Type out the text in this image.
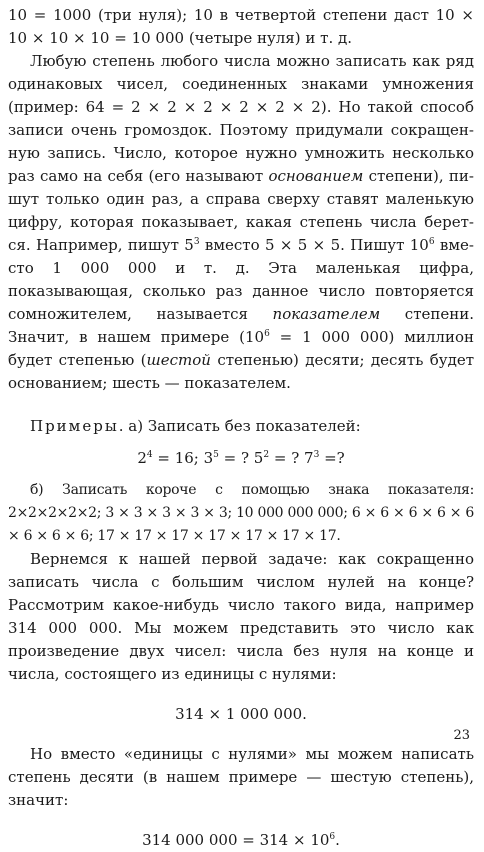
10 = 1000 (три нуля); 10 в четвертой степени даст 10 × 10 × 10 × 10 = 10 000 (четыре нуля) и т. д.

Любую степень любого числа можно записать как ряд одинаковых чисел, соединенных знаками умножения (пример: 64 = 2 × 2 × 2 × 2 × 2 × 2). Но такой способ записи очень громоздок. Поэтому придумали сокращенную запись. Число, которое нужно умножить несколько раз само на себя (его называют основанием степени), пишут только один раз, а справа сверху ставят маленькую цифру, которая показывает, какая степень числа берется. Например, пишут $5^3$ вместо 5 × 5 × 5. Пишут $10^6$ вместо 1 000 000 и т. д. Эта маленькая цифра, показывающая, сколько раз данное число повторяется сомножителем, называется показателем степени. Значит, в нашем примере ($10^6 = 1$ 000 000) миллион будет степенью (шестой степенью) десяти; десять будет основанием; шесть — показателем.

Примеры. а) Записать без показателей:

$2^4 = 16$; $3^5$ = ? $5^2$ = ? $7^3$ =?

б) Записать короче с помощью знака показателя: 2×2×2×2×2; 3 × 3 × 3 × 3 × 3; 10 000 000 000; 6 × 6 × 6 × 6 × 6 × 6 × 6 × 6; 17 × 17 × 17 × 17 × 17 × 17 × 17.

Вернемся к нашей первой задаче: как сокращенно записать числа с большим числом нулей на конце? Рассмотрим какое-нибудь число такого вида, например 314 000 000. Мы можем представить это число как произведение двух чисел: числа без нуля на конце и числа, состоящего из единицы с нулями:

314 × 1 000 000.

Но вместо «единицы с нулями» мы можем написать степень десяти (в нашем примере — шестую степень), значит:

314 000 $000 = 314 \times 10^6$.

23
